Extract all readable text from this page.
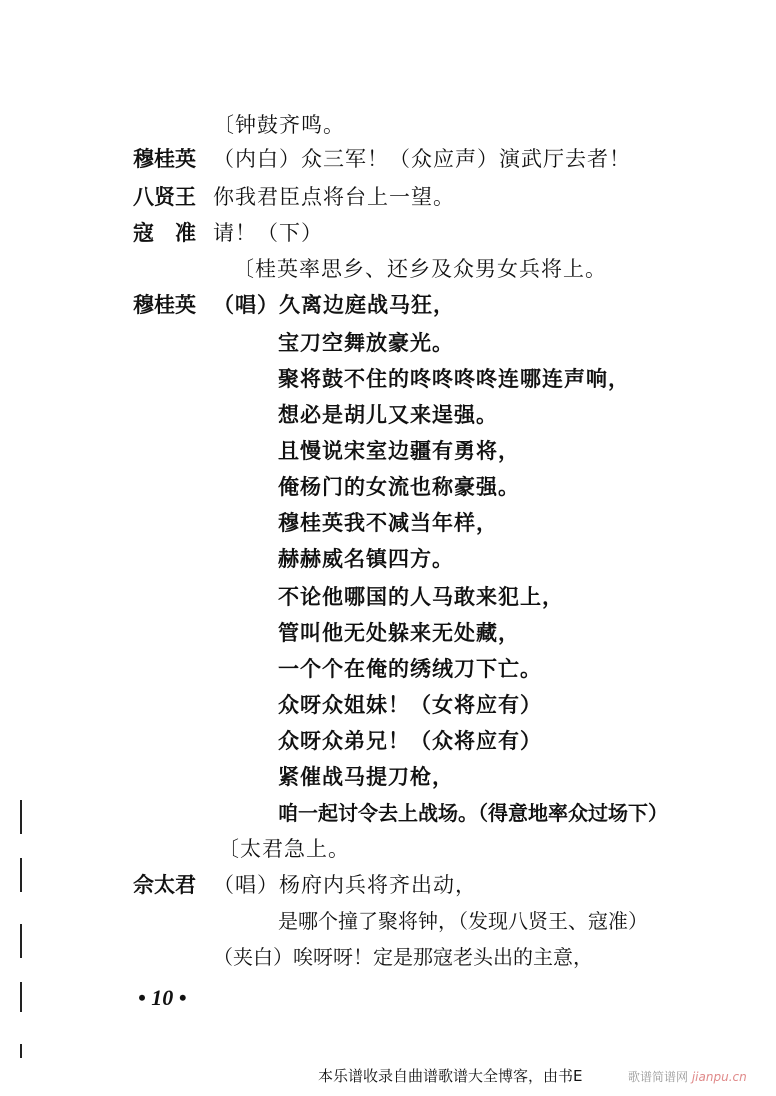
〔钟鼓齐鸣。
穆桂英 （内白）众三军！（众应声）演武厅去者！
八贤王 你我君臣点将台上一望。
寇　准 请！（下）
〔桂英率思乡、还乡及众男女兵将上。
穆桂英 （唱）久离边庭战马狂，
宝刀空舞放豪光。
聚将鼓不住的咚咚咚咚连哪连声响，
想必是胡儿又来逞强。
且慢说宋室边疆有勇将，
俺杨门的女流也称豪强。
穆桂英我不减当年样，
赫赫威名镇四方。
不论他哪国的人马敢来犯上，
管叫他无处躲来无处藏，
一个个在俺的绣绒刀下亡。
众呀众姐妹！（女将应有）
众呀众弟兄！（众将应有）
紧催战马提刀枪，
咱一起讨令去上战场。（得意地率众过场下）
〔太君急上。
佘太君 （唱）杨府内兵将齐出动，
是哪个撞了聚将钟，（发现八贤王、寇准）
（夹白）唉呀呀！定是那寇老头出的主意，
• 10 •
本乐谱收录自曲谱歌谱大全博客，由书E	歌谱简谱网 jianpu.cn
